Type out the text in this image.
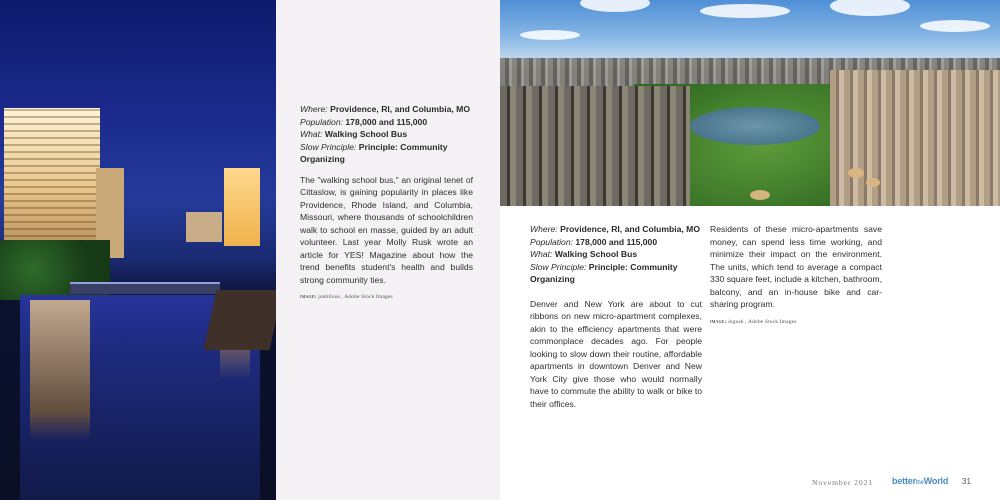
Where: Providence, RI, and Columbia, MO
Population: 178,000 and 115,000
What: Walking School Bus
Slow Principle: Principle: Community Organizing
The "walking school bus," an original tenet of Cittaslow, is gaining popularity in places like Providence, Rhode Island, and Columbia, Missouri, where thousands of schoolchildren walk to school en masse, guided by an adult volunteer. Last year Molly Rusk wrote an article for YES! Magazine about how the trend benefits student's health and builds strong community ties.
image: jonbilous , Adobe Stock Images
Where: Providence, RI, and Columbia, MO
Population: 178,000 and 115,000
What: Walking School Bus
Slow Principle: Principle: Community Organizing
Denver and New York are about to cut ribbons on new micro-apartment complexes, akin to the efficiency apartments that were commonplace decades ago. For people looking to slow down their routine, affordable apartments in downtown Denver and New York City give those who would normally have to commute the ability to walk or bike to their offices.
Residents of these micro-apartments save money, can spend less time working, and minimize their impact on the environment. The units, which tend to average a compact 330 square feet, include a kitchen, bathroom, balcony, and an in-house bike and car-sharing program.
image: ingusk , Adobe Stock Images
November 2021 bettertheWorld 31
